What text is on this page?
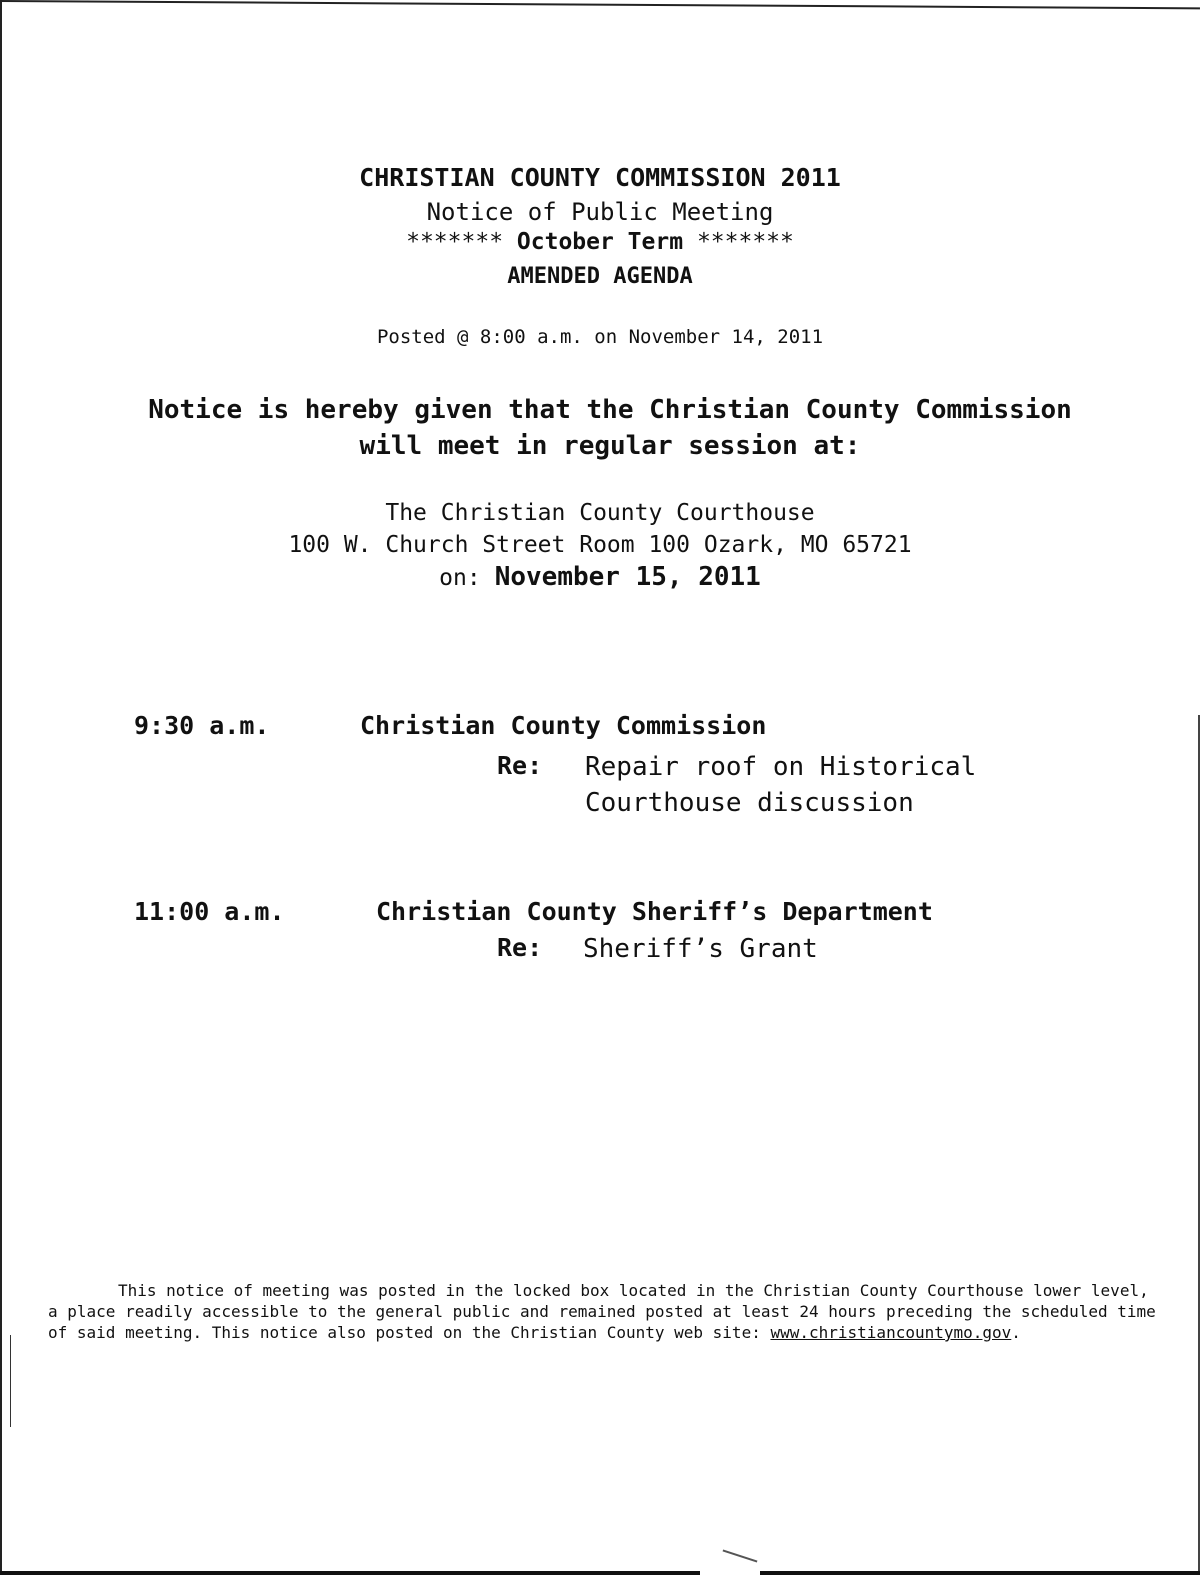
CHRISTIAN COUNTY COMMISSION 2011
Notice of Public Meeting
******* October Term *******
AMENDED AGENDA
Posted @ 8:00 a.m. on November 14, 2011
Notice is hereby given that the Christian County Commission
will meet in regular session at:
The Christian County Courthouse
100 W. Church Street Room 100 Ozark, MO 65721
on: November 15, 2011
9:30 a.m.	Christian County Commission
Re: Repair roof on Historical
Courthouse discussion
11:00 a.m.	Christian County Sheriff’s Department
Re: Sheriff’s Grant
This notice of meeting was posted in the locked box located in the Christian County Courthouse lower level, a place readily accessible to the general public and remained posted at least 24 hours preceding the scheduled time of said meeting. This notice also posted on the Christian County web site: www.christiancountymo.gov.
